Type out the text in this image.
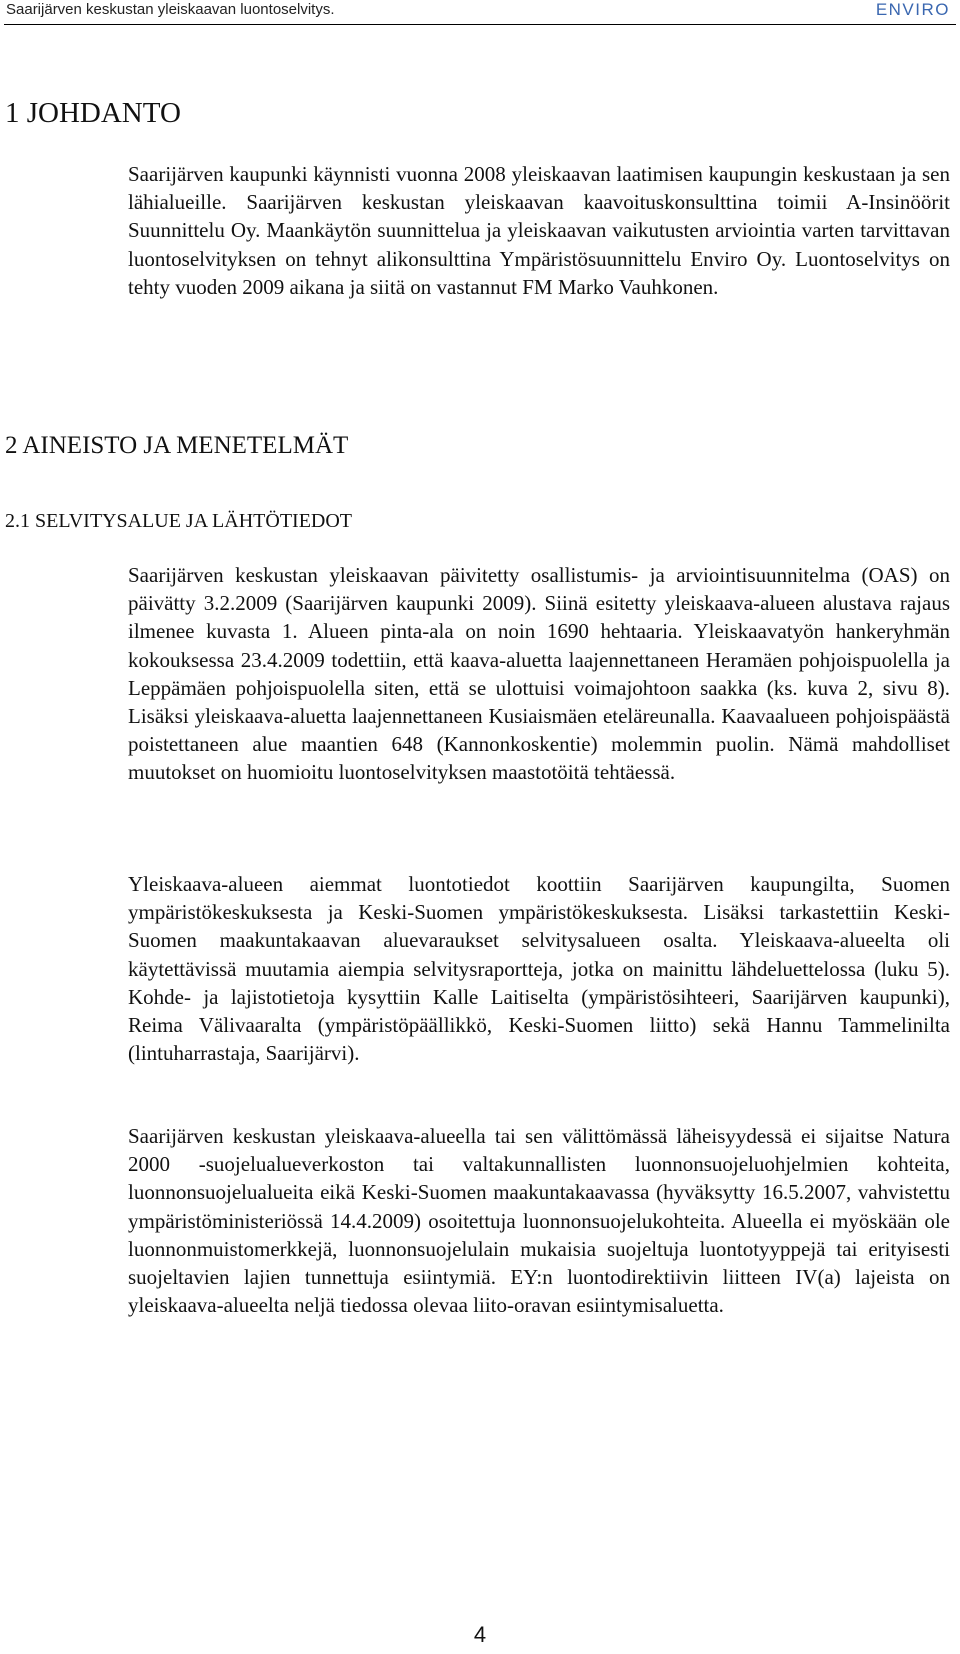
Saarijärven keskustan yleiskaavan luontoselvitys.	ENVIRO
1 JOHDANTO

Saarijärven kaupunki käynnisti vuonna 2008 yleiskaavan laatimisen kaupungin keskustaan ja sen lähialueille. Saarijärven keskustan yleiskaavan kaavoituskonsulttina toimii A-Insinöörit Suunnittelu Oy. Maankäytön suunnittelua ja yleiskaavan vaikutusten arviointia varten tarvittavan luontoselvityksen on tehnyt alikonsulttina Ympäristösuunnittelu Enviro Oy. Luontoselvitys on tehty vuoden 2009 aikana ja siitä on vastannut FM Marko Vauhkonen.

2 AINEISTO JA MENETELMÄT
2.1 SELVITYSALUE JA LÄHTÖTIEDOT

Saarijärven keskustan yleiskaavan päivitetty osallistumis- ja arviointisuunnitelma (OAS) on päivätty 3.2.2009 (Saarijärven kaupunki 2009). Siinä esitetty yleiskaava-alueen alustava rajaus ilmenee kuvasta 1. Alueen pinta-ala on noin 1690 hehtaaria. Yleiskaavatyön hankeryhmän kokouksessa 23.4.2009 todettiin, että kaava-aluetta laajennettaneen Heramäen pohjoispuolella ja Leppämäen pohjoispuolella siten, että se ulottuisi voimajohtoon saakka (ks. kuva 2, sivu 8). Lisäksi yleiskaava-aluetta laajennettaneen Kusiaismäen eteläreunalla. Kaavaalueen pohjoispäästä poistettaneen alue maantien 648 (Kannonkoskentie) molemmin puolin. Nämä mahdolliset muutokset on huomioitu luontoselvityksen maastotöitä tehtäessä.

Yleiskaava-alueen aiemmat luontotiedot koottiin Saarijärven kaupungilta, Suomen ympäristökeskuksesta ja Keski-Suomen ympäristökeskuksesta. Lisäksi tarkastettiin Keski-Suomen maakuntakaavan aluevaraukset selvitysalueen osalta. Yleiskaava-alueelta oli käytettävissä muutamia aiempia selvitysraportteja, jotka on mainittu lähdeluettelossa (luku 5). Kohde- ja lajistotietoja kysyttiin Kalle Laitiselta (ympäristösihteeri, Saarijärven kaupunki), Reima Välivaaralta (ympäristöpäällikkö, Keski-Suomen liitto) sekä Hannu Tammelinilta (lintuharrastaja, Saarijärvi).

Saarijärven keskustan yleiskaava-alueella tai sen välittömässä läheisyydessä ei sijaitse Natura 2000 -suojelualueverkoston tai valtakunnallisten luonnonsuojeluohjelmien kohteita, luonnonsuojelualueita eikä Keski-Suomen maakuntakaavassa (hyväksytty 16.5.2007, vahvistettu ympäristöministeriössä 14.4.2009) osoitettuja luonnonsuojelukohteita. Alueella ei myöskään ole luonnonmuistomerkkejä, luonnonsuojelulain mukaisia suojeltuja luontotyyppejä tai erityisesti suojeltavien lajien tunnettuja esiintymiä. EY:n luontodirektiivin liitteen IV(a) lajeista on yleiskaava-alueelta neljä tiedossa olevaa liito-oravan esiintymisaluetta.

4
